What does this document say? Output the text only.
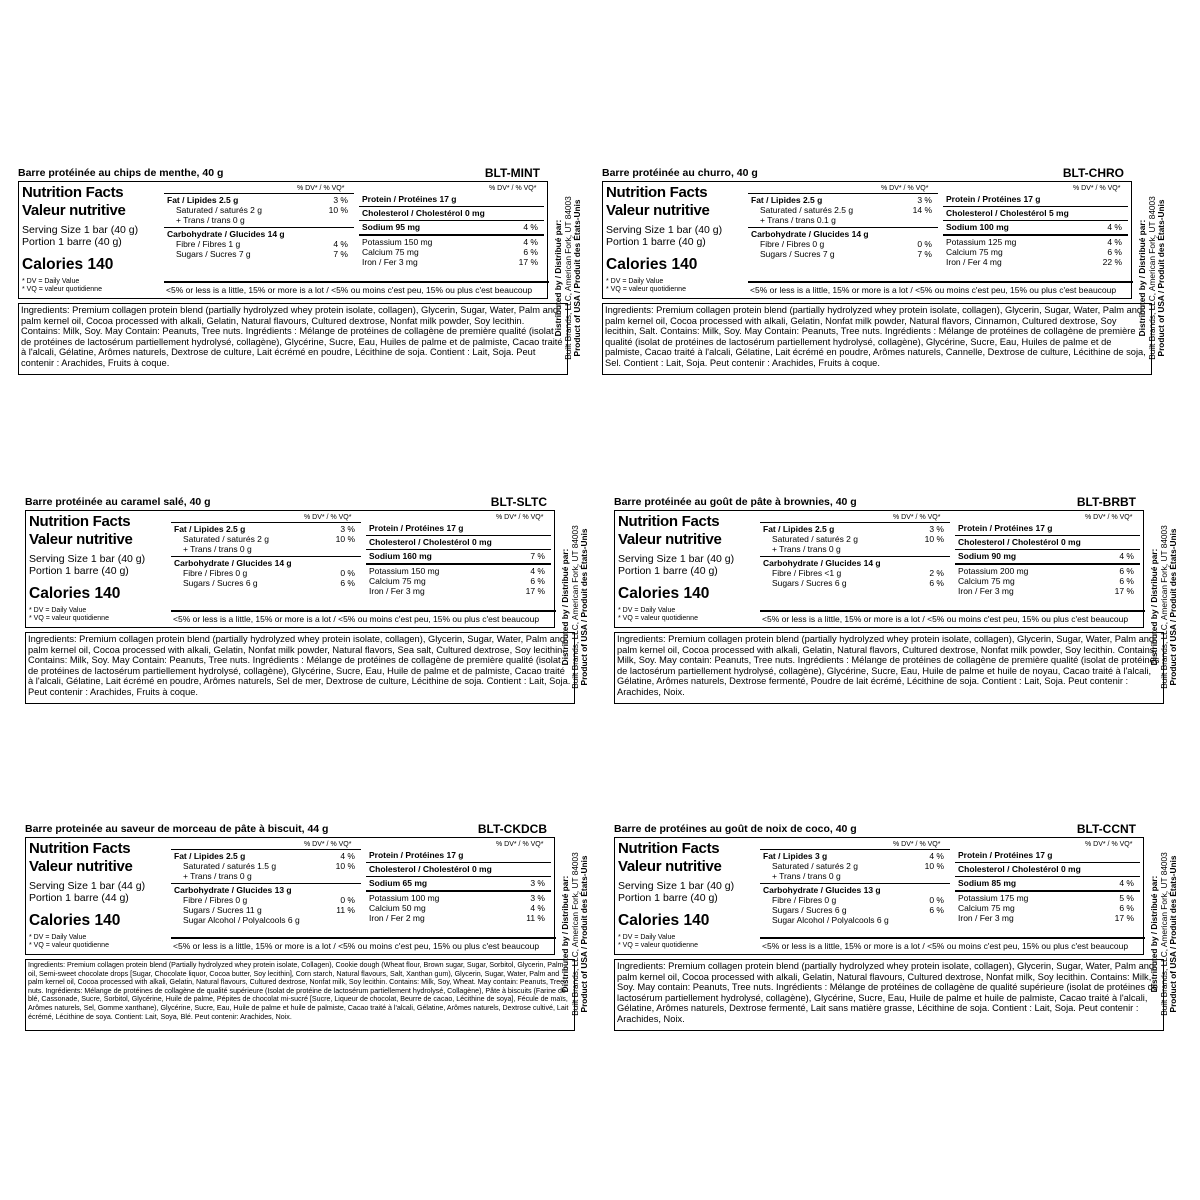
Barre protéinée au chips de menthe, 40 g	BLT-MINT
Nutrition Facts
Valeur nutritive
Serving Size 1 bar (40 g)
Portion 1 barre (40 g)
Calories 140
* DV = Daily Value
* VQ = valeur quotidienne
% DV* / % VQ*	% DV* / % VQ*
Fat / Lipides 2.5 g	3 %
Saturated / saturés 2 g	10 %
+ Trans / trans 0 g
Carbohydrate / Glucides 14 g
Fibre / Fibres 1 g	4 %
Sugars / Sucres 7 g	7 %
Protein / Protéines 17 g
Cholesterol / Cholestérol 0 mg
Sodium 95 mg	4 %
Potassium 150 mg	4 %
Calcium 75 mg	6 %
Iron / Fer 3 mg	17 %
<5% or less is a little, 15% or more is a lot / <5% ou moins c'est peu, 15% ou plus c'est beaucoup
Ingredients: Premium collagen protein blend (partially hydrolyzed whey protein isolate, collagen), Glycerin, Sugar, Water, Palm and palm kernel oil, Cocoa processed with alkali, Gelatin, Natural flavours, Cultured dextrose, Nonfat milk powder, Soy lecithin. Contains: Milk, Soy. May Contain: Peanuts, Tree nuts. Ingrédients : Mélange de protéines de collagène de première qualité (isolat de protéines de lactosérum partiellement hydrolysé, collagène), Glycérine, Sucre, Eau, Huiles de palme et de palmiste, Cacao traité à l'alcali, Gélatine, Arômes naturels, Dextrose de culture, Lait écrémé en poudre, Lécithine de soja. Contient : Lait, Soja. Peut contenir : Arachides, Fruits à coque.
Distributed by / Distribué par: Built Brands, LLC, American Fork, UT 84003 Product of USA / Produit des États-Unis
Barre protéinée au churro, 40 g	BLT-CHRO
Nutrition Facts
Valeur nutritive
Serving Size 1 bar (40 g)
Portion 1 barre (40 g)
Calories 140
* DV = Daily Value
* VQ = valeur quotidienne
% DV* / % VQ*	% DV* / % VQ*
Fat / Lipides 2.5 g	3 %
Saturated / saturés 2.5 g	14 %
+ Trans / trans 0.1 g
Carbohydrate / Glucides 14 g
Fibre / Fibres 0 g	0 %
Sugars / Sucres 7 g	7 %
Protein / Protéines 17 g
Cholesterol / Cholestérol 5 mg
Sodium 100 mg	4 %
Potassium 125 mg	4 %
Calcium 75 mg	6 %
Iron / Fer 4 mg	22 %
<5% or less is a little, 15% or more is a lot / <5% ou moins c'est peu, 15% ou plus c'est beaucoup
Ingredients: Premium collagen protein blend (partially hydrolyzed whey protein isolate, collagen), Glycerin, Sugar, Water, Palm and palm kernel oil, Cocoa processed with alkali, Gelatin, Nonfat milk powder, Natural flavors, Cinnamon, Cultured dextrose, Soy lecithin, Salt. Contains: Milk, Soy. May Contain: Peanuts, Tree nuts. Ingrédients : Mélange de protéines de collagène de première qualité (isolat de protéines de lactosérum partiellement hydrolysé, collagène), Glycérine, Sucre, Eau, Huiles de palme et de palmiste, Cacao traité à l'alcali, Gélatine, Lait écrémé en poudre, Arômes naturels, Cannelle, Dextrose de culture, Lécithine de soja, Sel. Contient : Lait, Soja. Peut contenir : Arachides, Fruits à coque.
Distributed by / Distribué par: Built Brands, LLC, American Fork, UT 84003 Product of USA / Produit des États-Unis
Barre protéinée au caramel salé, 40 g	BLT-SLTC
Nutrition Facts
Valeur nutritive
Serving Size 1 bar (40 g)
Portion 1 barre (40 g)
Calories 140
* DV = Daily Value
* VQ = valeur quotidienne
% DV* / % VQ*	% DV* / % VQ*
Fat / Lipides 2.5 g	3 %
Saturated / saturés 2 g	10 %
+ Trans / trans 0 g
Carbohydrate / Glucides 14 g
Fibre / Fibres 0 g	0 %
Sugars / Sucres 6 g	6 %
Protein / Protéines 17 g
Cholesterol / Cholestérol 0 mg
Sodium 160 mg	7 %
Potassium 150 mg	4 %
Calcium 75 mg	6 %
Iron / Fer 3 mg	17 %
<5% or less is a little, 15% or more is a lot / <5% ou moins c'est peu, 15% ou plus c'est beaucoup
Ingredients: Premium collagen protein blend (partially hydrolyzed whey protein isolate, collagen), Glycerin, Sugar, Water, Palm and palm kernel oil, Cocoa processed with alkali, Gelatin, Nonfat milk powder, Natural flavors, Sea salt, Cultured dextrose, Soy lecithin. Contains: Milk, Soy. May Contain: Peanuts, Tree nuts. Ingrédients : Mélange de protéines de collagène de première qualité (isolat de protéines de lactosérum partiellement hydrolysé, collagène), Glycérine, Sucre, Eau, Huile de palme et de palmiste, Cacao traité à l'alcali, Gélatine, Lait écrémé en poudre, Arômes naturels, Sel de mer, Dextrose de culture, Lécithine de soja. Contient : Lait, Soja. Peut contenir : Arachides, Fruits à coque.
Distributed by / Distribué par: Built Brands, LLC, American Fork, UT 84003 Product of USA / Produit des États-Unis
Barre protéinée au goût de pâte à brownies, 40 g	BLT-BRBT
Nutrition Facts
Valeur nutritive
Serving Size 1 bar (40 g)
Portion 1 barre (40 g)
Calories 140
* DV = Daily Value
* VQ = valeur quotidienne
% DV* / % VQ*	% DV* / % VQ*
Fat / Lipides 2.5 g	3 %
Saturated / saturés 2 g	10 %
+ Trans / trans 0 g
Carbohydrate / Glucides 14 g
Fibre / Fibres <1 g	2 %
Sugars / Sucres 6 g	6 %
Protein / Protéines 17 g
Cholesterol / Cholestérol 0 mg
Sodium 90 mg	4 %
Potassium 200 mg	6 %
Calcium 75 mg	6 %
Iron / Fer 3 mg	17 %
<5% or less is a little, 15% or more is a lot / <5% ou moins c'est peu, 15% ou plus c'est beaucoup
Ingredients: Premium collagen protein blend (partially hydrolyzed whey protein isolate, collagen), Glycerin, Sugar, Water, Palm and palm kernel oil, Cocoa processed with alkali, Gelatin, Natural flavors, Cultured dextrose, Nonfat milk powder, Soy lecithin. Contains: Milk, Soy. May contain: Peanuts, Tree nuts. Ingrédients : Mélange de protéines de collagène de première qualité (isolat de protéines de lactosérum partiellement hydrolysé, collagène), Glycérine, Sucre, Eau, Huile de palme et huile de noyau, Cacao traité à l'alcali, Gélatine, Arômes naturels, Dextrose fermenté, Poudre de lait écrémé, Lécithine de soja. Contient : Lait, Soja. Peut contenir : Arachides, Noix.
Distributed by / Distribué par: Built Brands, LLC, American Fork, UT 84003 Product of USA / Produit des États-Unis
Barre proteinée au saveur de morceau de pâte à biscuit, 44 g	BLT-CKDCB
Nutrition Facts
Valeur nutritive
Serving Size 1 bar (44 g)
Portion 1 barre (44 g)
Calories 140
* DV = Daily Value
* VQ = valeur quotidienne
% DV* / % VQ*	% DV* / % VQ*
Fat / Lipides 2.5 g	4 %
Saturated / saturés 1.5 g	10 %
+ Trans / trans 0 g
Carbohydrate / Glucides 13 g
Fibre / Fibres 0 g	0 %
Sugars / Sucres 11 g	11 %
Sugar Alcohol / Polyalcools 6 g
Protein / Protéines 17 g
Cholesterol / Cholestérol 0 mg
Sodium 65 mg	3 %
Potassium 100 mg	3 %
Calcium 50 mg	4 %
Iron / Fer 2 mg	11 %
<5% or less is a little, 15% or more is a lot / <5% ou moins c'est peu, 15% ou plus c'est beaucoup
Ingredients: Premium collagen protein blend (Partially hydrolyzed whey protein isolate, Collagen), Cookie dough (Wheat flour, Brown sugar, Sugar, Sorbitol, Glycerin, Palm oil, Semi-sweet chocolate drops [Sugar, Chocolate liquor, Cocoa butter, Soy lecithin], Corn starch, Natural flavours, Salt, Xanthan gum), Glycerin, Sugar, Water, Palm and palm kernel oil, Cocoa processed with alkali, Gelatin, Natural flavours, Cultured dextrose, Nonfat milk, Soy lecithin. Contains: Milk, Soy, Wheat. May contain: Peanuts, Tree nuts. Ingrédients: Mélange de protéines de collagène de qualité supérieure (Isolat de protéine de lactosérum partiellement hydrolysé, Collagène), Pâte à biscuits (Farine de blé, Cassonade, Sucre, Sorbitol, Glycérine, Huile de palme, Pépites de chocolat mi-sucré [Sucre, Liqueur de chocolat, Beurre de cacao, Lécithine de soya], Fécule de maïs, Arômes naturels, Sel, Gomme xanthane), Glycérine, Sucre, Eau, Huile de palme et huile de palmiste, Cacao traité à l'alcali, Gélatine, Arômes naturels, Dextrose cultivé, Lait écrémé, Lécithine de soya. Contient: Lait, Soya, Blé. Peut contenir: Arachides, Noix.
Distributed by / Distribué par: Built Brands, LLC, American Fork, UT 84003 Product of USA / Produit des États-Unis
Barre de protéines au goût de noix de coco, 40 g	BLT-CCNT
Nutrition Facts
Valeur nutritive
Serving Size 1 bar (40 g)
Portion 1 barre (40 g)
Calories 140
* DV = Daily Value
* VQ = valeur quotidienne
% DV* / % VQ*	% DV* / % VQ*
Fat / Lipides 3 g	4 %
Saturated / saturés 2 g	10 %
+ Trans / trans 0 g
Carbohydrate / Glucides 13 g
Fibre / Fibres 0 g	0 %
Sugars / Sucres 6 g	6 %
Sugar Alcohol / Polyalcools 6 g
Protein / Protéines 17 g
Cholesterol / Cholestérol 0 mg
Sodium 85 mg	4 %
Potassium 175 mg	5 %
Calcium 75 mg	6 %
Iron / Fer 3 mg	17 %
<5% or less is a little, 15% or more is a lot / <5% ou moins c'est peu, 15% ou plus c'est beaucoup
Ingredients: Premium collagen protein blend (partially hydrolyzed whey protein isolate, collagen), Glycerin, Sugar, Water, Palm and palm kernel oil, Cocoa processed with alkali, Gelatin, Natural flavours, Cultured dextrose, Nonfat milk, Soy lecithin. Contains: Milk, Soy. May contain: Peanuts, Tree nuts. Ingrédients : Mélange de protéines de collagène de qualité supérieure (isolat de protéines de lactosérum partiellement hydrolysé, collagène), Glycérine, Sucre, Eau, Huile de palme et huile de palmiste, Cacao traité à l'alcali, Gélatine, Arômes naturels, Dextrose fermenté, Lait sans matière grasse, Lécithine de soja. Contient : Lait, Soja. Peut contenir : Arachides, Noix.
Distributed by / Distribué par: Built Brands, LLC, American Fork, UT 84003 Product of USA / Produit des États-Unis
